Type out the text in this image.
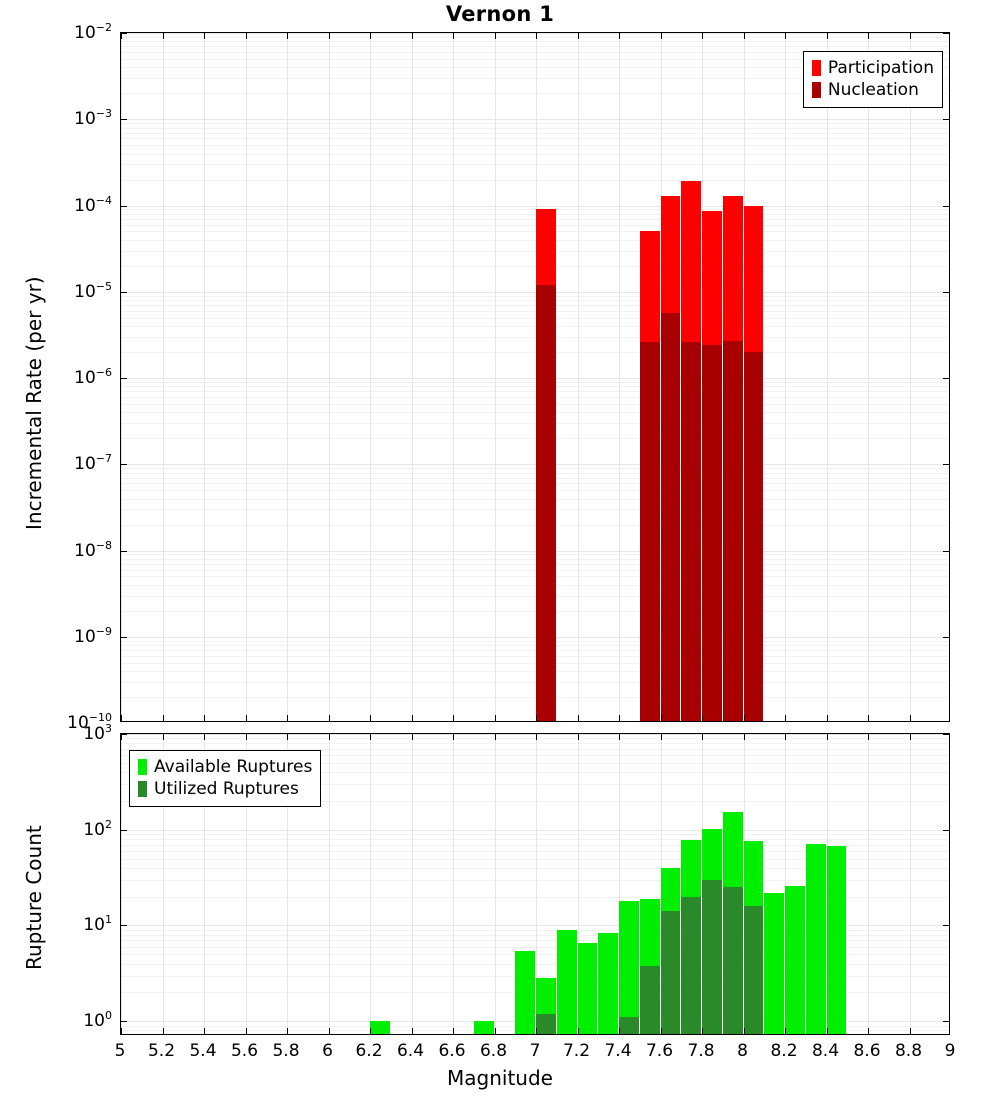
Vernon 1
Participation
Nucleation
Available Ruptures
Utilized Ruptures
Magnitude
Incremental Rate (per yr)
Rupture Count
$10^{-2}$
$10^{-3}$
$10^{-4}$
$10^{-5}$
$10^{-6}$
$10^{-7}$
$10^{-8}$
$10^{-9}$
$10^{-10}$
$10^3$
$10^2$
$10^1$
$10^0$
5 5.2 5.4 5.6 5.8 6 6.2 6.4 6.6 6.8 7 7.2 7.4 7.6 7.8 8 8.2 8.4 8.6 8.8 9
